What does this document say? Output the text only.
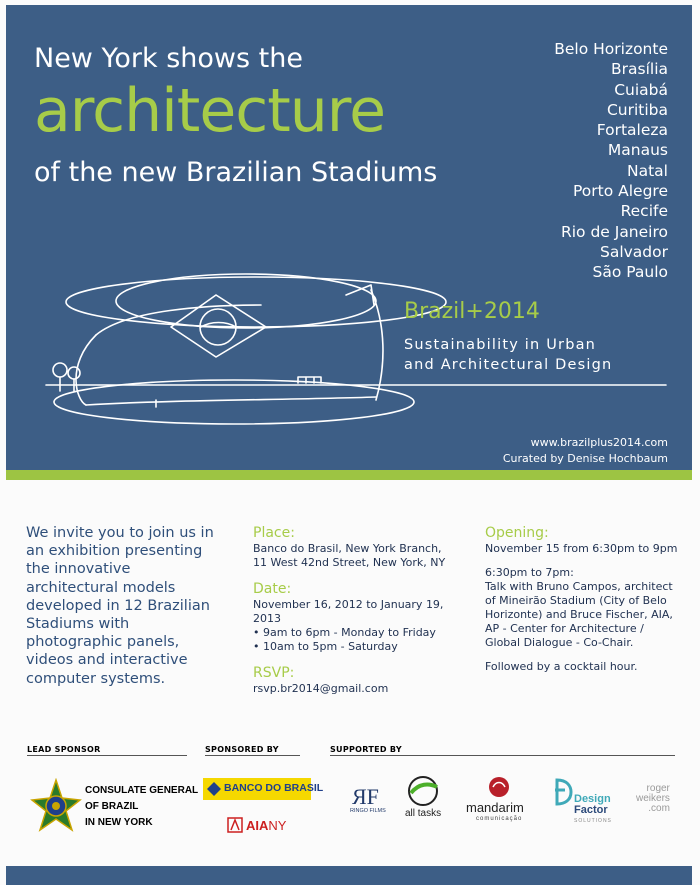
New York shows the
architecture
of the new Brazilian Stadiums
Belo Horizonte
Brasília
Cuiabá
Curitiba
Fortaleza
Manaus
Natal
Porto Alegre
Recife
Rio de Janeiro
Salvador
São Paulo
Brazil+2014
Sustainability in Urban
and Architectural Design
www.brazilplus2014.com
Curated by Denise Hochbaum
We invite you to join us in an exhibition presenting the innovative architectural models developed in 12 Brazilian Stadiums with photographic panels, videos and interactive computer systems.
Place:
Banco do Brasil, New York Branch,
11 West 42nd Street, New York, NY
Date:
November 16, 2012 to January 19, 2013
• 9am to 6pm - Monday to Friday
• 10am to 5pm - Saturday
RSVP:
rsvp.br2014@gmail.com
Opening:
November 15 from 6:30pm to 9pm
6:30pm to 7pm:
Talk with Bruno Campos, architect
of Mineirão Stadium (City of Belo
Horizonte) and Bruce Fischer, AIA,
AP - Center for Architecture /
Global Dialogue - Co-Chair.
Followed by a cocktail hour.
LEAD SPONSOR	SPONSORED BY	SUPPORTED BY
CONSULATE GENERAL
OF BRAZIL
IN NEW YORK
BANCO DO BRASIL
AIANY
ЯF
RINGO FILMS all tasks mandarim
comunicação
Design
Factor
SOLUTIONS
roger
weikers
.com
